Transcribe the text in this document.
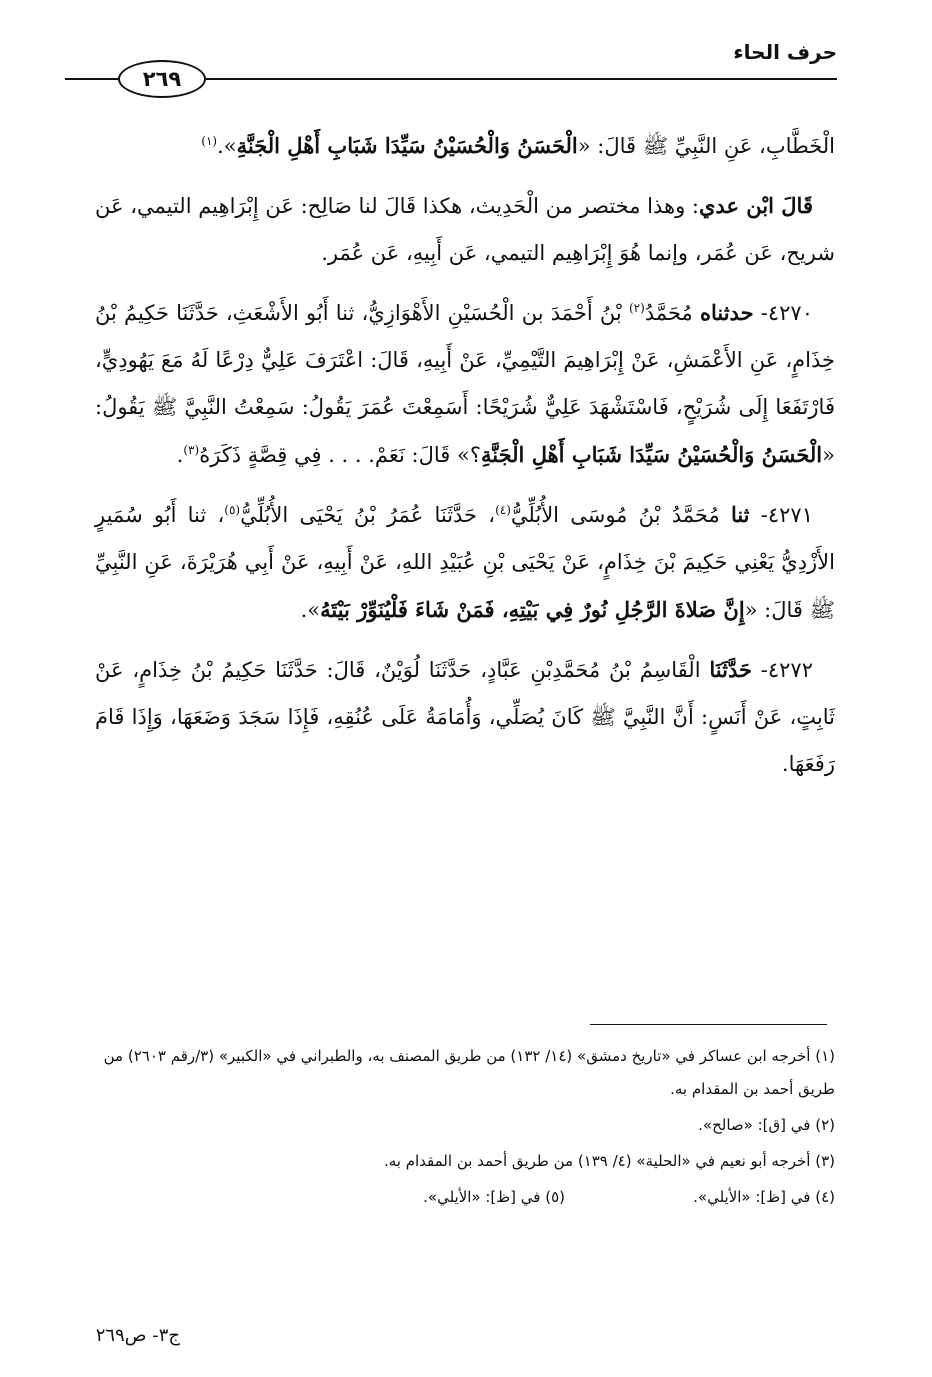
حرف الحاء
٢٦٩

الْخَطَّابِ، عَنِ النَّبِيِّ ﷺ قَالَ: «الْحَسَنُ وَالْحُسَيْنُ سَيِّدَا شَبَابِ أَهْلِ الْجَنَّةِ».$^{(١)}$

قَالَ ابْن عدي: وهذا مختصر من الْحَدِيث، هكذا قَالَ لنا صَالِح: عَن إِبْرَاهِيم التيمي، عَن شريح، عَن عُمَر، وإنما هُوَ إِبْرَاهِيم التيمي، عَن أَبِيهِ، عَن عُمَر.

٤٢٧٠- حدثناه مُحَمَّدُ$^{(٢)}$ بْنُ أَحْمَدَ بن الْحُسَيْنِ الأَهْوَازِيُّ، ثنا أَبُو الأَشْعَثِ، حَدَّثَنَا حَكِيمُ بْنُ خِذَامٍ، عَنِ الأَعْمَشِ، عَنْ إِبْرَاهِيمَ التَّيْمِيِّ، عَنْ أَبِيهِ، قَالَ: اعْتَرَفَ عَلِيٌّ دِرْعًا لَهُ مَعَ يَهُودِيٍّ، فَارْتَفَعَا إِلَى شُرَيْحٍ، فَاسْتَشْهَدَ عَلِيٌّ شُرَيْحًا: أَسَمِعْتَ عُمَرَ يَقُولُ: سَمِعْتُ النَّبِيَّ ﷺ يَقُولُ: «الْحَسَنُ وَالْحُسَيْنُ سَيِّدَا شَبَابِ أَهْلِ الْجَنَّةِ؟» قَالَ: نَعَمْ. . . . فِي قِصَّةٍ ذَكَرَهُ$^{(٣)}$.

٤٢٧١- ثنا مُحَمَّدُ بْنُ مُوسَى الأُبُلِّيُّ$^{(٤)}$، حَدَّثَنَا عُمَرُ بْنُ يَحْيَى الأُبُلِّيُّ$^{(٥)}$، ثنا أَبُو سُمَيرٍ الأَزْدِيُّ يَعْنِي حَكِيمَ بْنَ خِذَامٍ، عَنْ يَحْيَى بْنِ عُبَيْدِ اللهِ، عَنْ أَبِيهِ، عَنْ أَبِي هُرَيْرَةَ، عَنِ النَّبِيِّ ﷺ قَالَ: «إِنَّ صَلاةَ الرَّجُلِ نُورٌ فِي بَيْتِهِ، فَمَنْ شَاءَ فَلْيُنَوِّرْ بَيْتَهُ».

٤٢٧٢- حَدَّثَنَا الْقَاسِمُ بْنُ مُحَمَّدِبْنِ عَبَّادٍ، حَدَّثَنَا لُوَيْنٌ، قَالَ: حَدَّثَنَا حَكِيمُ بْنُ خِذَامٍ، عَنْ ثَابِتٍ، عَنْ أَنَسٍ: أَنَّ النَّبِيَّ ﷺ كَانَ يُصَلِّي، وَأُمَامَةُ عَلَى عُنُقِهِ، فَإِذَا سَجَدَ وَضَعَهَا، وَإِذَا قَامَ رَفَعَهَا.

(١) أخرجه ابن عساكر في «تاريخ دمشق» (١٤/ ١٣٢) من طريق المصنف به، والطبراني في «الكبير» (٣/رقم ٢٦٠٣) من طريق أحمد بن المقدام به.

(٢) في [ق]: «صالح».

(٣) أخرجه أبو نعيم في «الحلية» (٤/ ١٣٩) من طريق أحمد بن المقدام به.

(٤) في [ظ]: «الأيلي».
(٥) في [ظ]: «الأيلي».

ج٣- ص٢٦٩
